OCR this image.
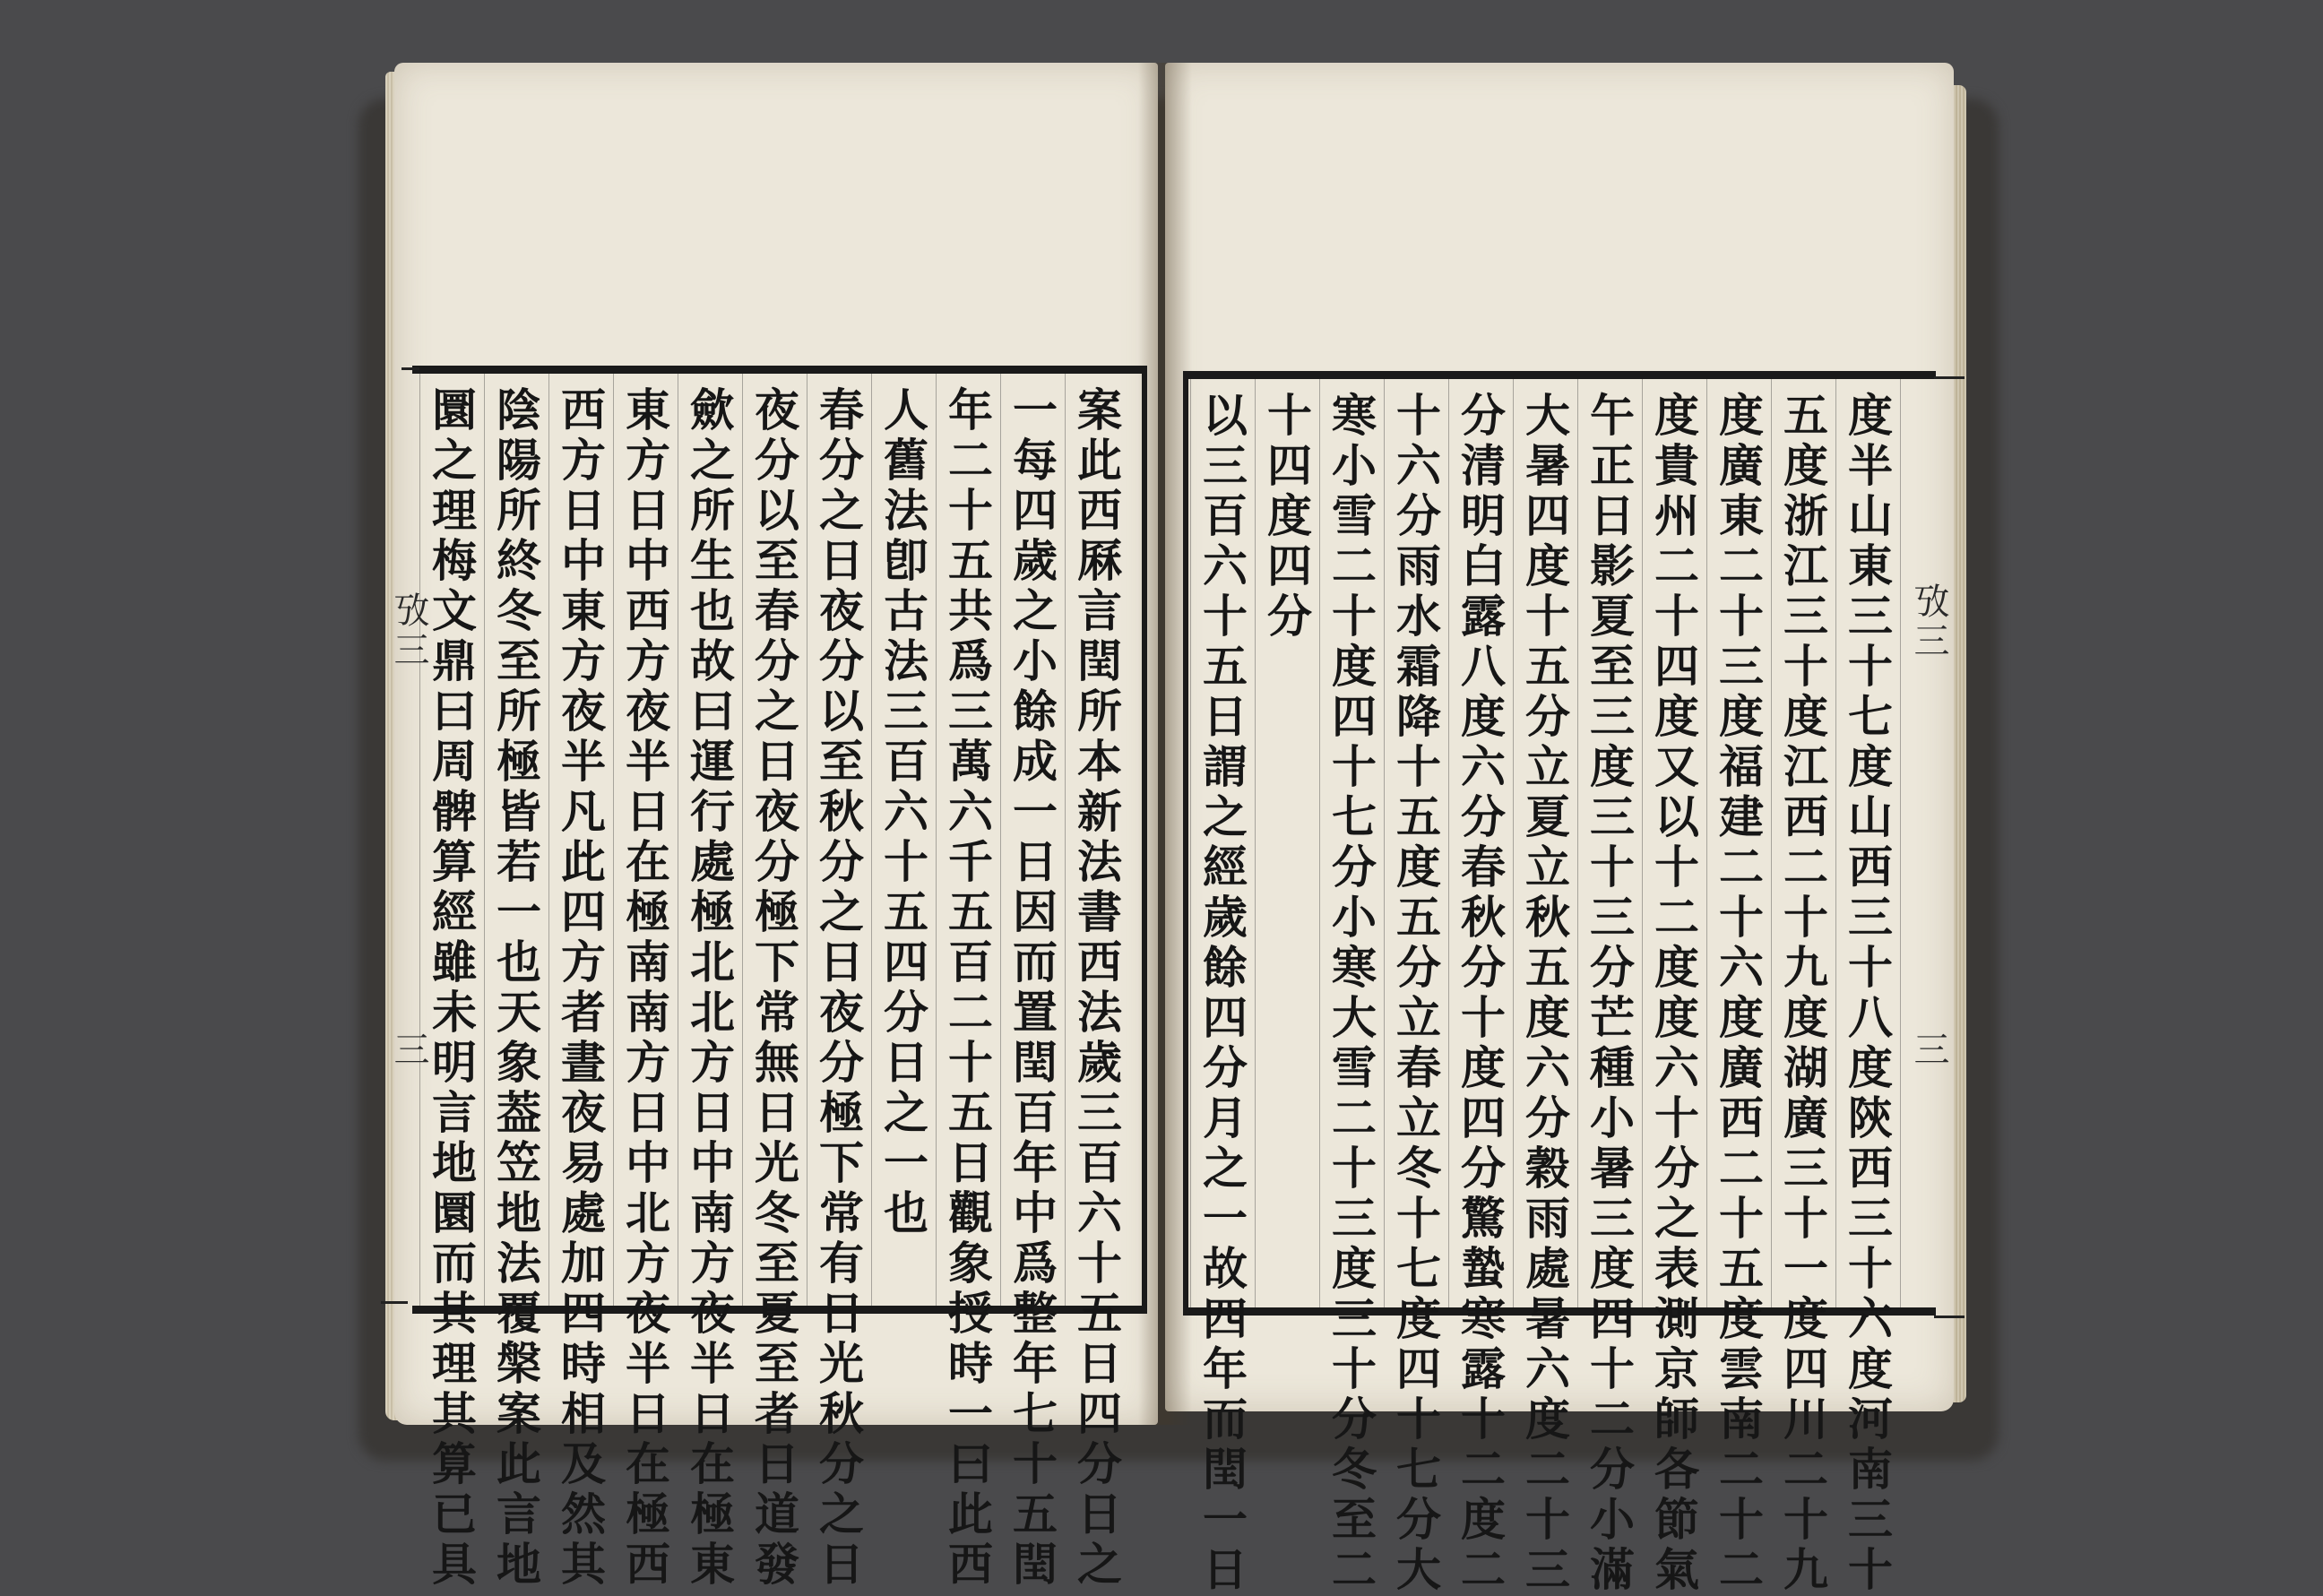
案此西厤言閏所本新法書西法歲三百六十五日四分日之
一每四歲之小餘成一日因而置閏百年中爲整年七十五閏
年二十五共爲三萬六千五百二十五日觀象授時一曰此西
人舊法卽古法三百六十五四分日之一也
春分之日夜分以至秋分之日夜分極下常有日光秋分之日
夜分以至春分之日夜分極下常無日光冬至夏至者日道發
歛之所生也故曰運行處極北北方日中南方夜半日在極東
東方日中西方夜半日在極南南方日中北方夜半日在極西
西方日中東方夜半凡此四方者晝夜易處加四時相及然其
陰陽所終冬至所極皆若一也天象葢笠地法覆槃案此言地
圜之理梅文鼎曰周髀算經雖未明言地圜而其理其算已具
攷三
三	度半山東三十七度山西三十八度陝西三十六度河南三十
五度浙江三十度江西二十九度湖廣三十一度四川二十九
度廣東二十三度福建二十六度廣西二十五度雲南二十二
度貴州二十四度又以十二度度六十分之表測京師各節氣
午正日影夏至三度三十三分芒種小暑三度四十二分小滿
大暑四度十五分立夏立秋五度六分穀雨處暑六度二十三
分清明白露八度六分春秋分十度四分驚蟄寒露十二度二
十六分雨水霜降十五度五分立春立冬十七度四十七分大
寒小雪二十度四十七分小寒大雪二十三度三十分冬至二
十四度四分
以三百六十五日謂之經歲餘四分月之一故四年而閏一日	攷三
三
